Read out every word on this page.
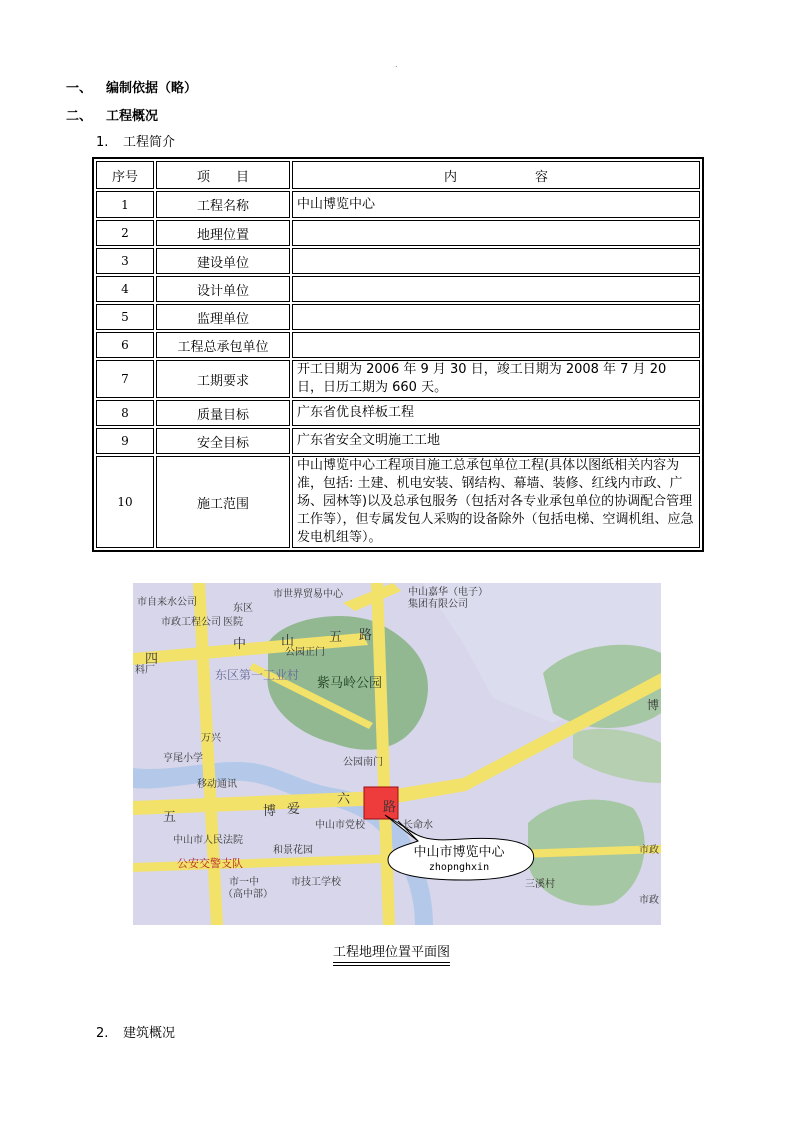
.
一、 编制依据（略）
二、 工程概况
1. 工程简介
序号	项　　目	内　　　　　　容
1	工程名称	中山博览中心
2	地理位置	
3	建设单位	
4	设计单位	
5	监理单位	
6	工程总承包单位	
7	工期要求	开工日期为 2006 年 9 月 30 日，竣工日期为 2008 年 7 月 20 日，日历工期为 660 天。
8	质量目标	广东省优良样板工程
9	安全目标	广东省安全文明施工工地
10	施工范围	中山博览中心工程项目施工总承包单位工程(具体以图纸相关内容为准，包括: 土建、机电安装、钢结构、幕墙、装修、红线内市政、广场、园林等)以及总承包服务（包括对各专业承包单位的协调配合管理工作等），但专属发包人采购的设备除外（包括电梯、空调机组、应急发电机组等）。
中山市博览中心
zhopnghxin
市自来水公司
东区
市世界贸易中心	中山嘉华（电子）
集团有限公司
市政工程公司 医院
四
中	山	五 路
东区第一工业村
公园正门
紫马岭公园
料厂
亨尾小学
万兴
移动通讯
公园南门
博 爱
六
路
五
中山市党校	长命水
中山市人民法院
和景花园
公安交警支队
市一中
（高中部）
市技工学校	三溪村
博
市政
市政
工程地理位置平面图
2. 建筑概况
